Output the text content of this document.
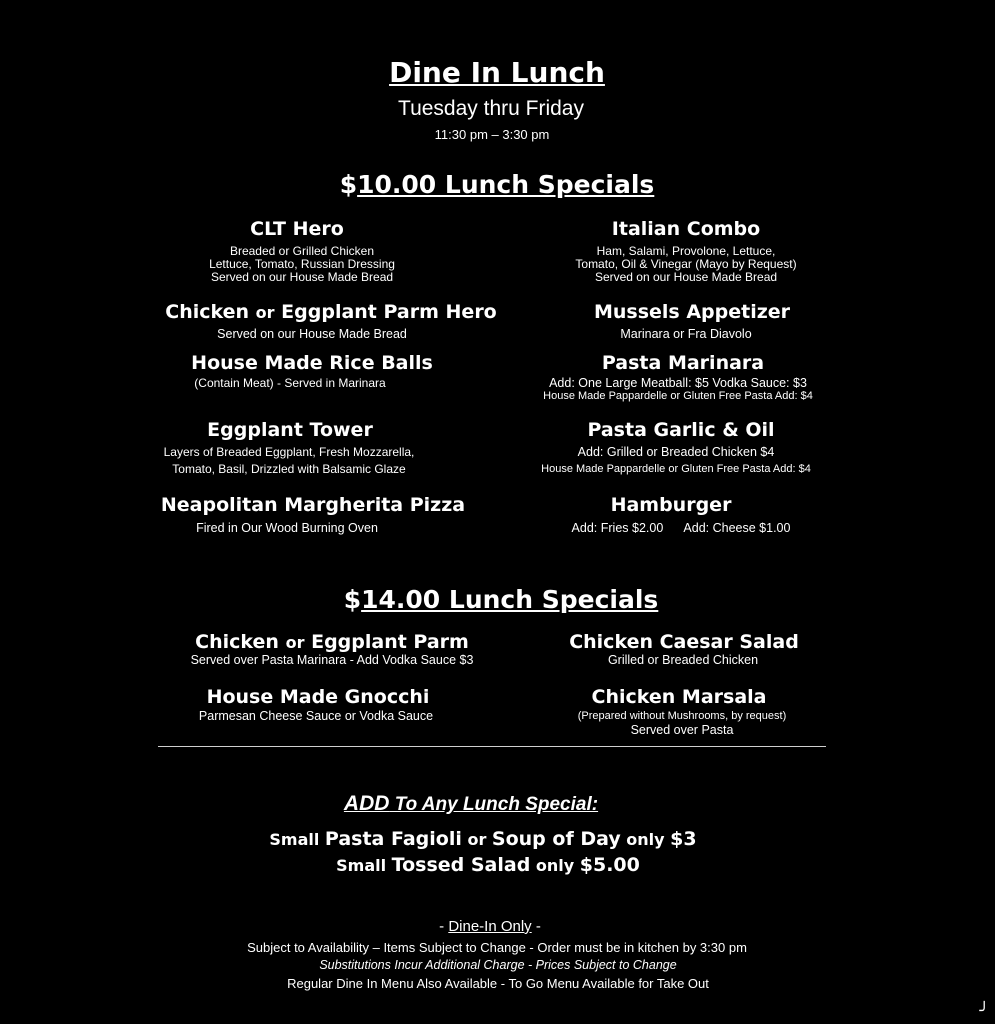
Dine In Lunch
Tuesday thru Friday
11:30 pm – 3:30 pm
$10.00 Lunch Specials
CLT Hero
Breaded or Grilled Chicken
Lettuce, Tomato, Russian Dressing
Served on our House Made Bread
Chicken or Eggplant Parm Hero
Served on our House Made Bread
House Made Rice Balls
(Contain Meat) - Served in Marinara
Eggplant Tower
Layers of Breaded Eggplant, Fresh Mozzarella,
Tomato, Basil, Drizzled with Balsamic Glaze
Neapolitan Margherita Pizza
Fired in Our Wood Burning Oven
Italian Combo
Ham, Salami, Provolone, Lettuce,
Tomato, Oil & Vinegar (Mayo by Request)
Served on our House Made Bread
Mussels Appetizer
Marinara or Fra Diavolo
Pasta Marinara
Add: One Large Meatball: $5 Vodka Sauce: $3
House Made Pappardelle or Gluten Free Pasta Add: $4
Pasta Garlic & Oil
Add: Grilled or Breaded Chicken $4
House Made Pappardelle or Gluten Free Pasta Add: $4
Hamburger
Add: Fries $2.00      Add: Cheese $1.00
$14.00 Lunch Specials
Chicken or Eggplant Parm
Served over Pasta Marinara - Add Vodka Sauce $3
House Made Gnocchi
Parmesan Cheese Sauce or Vodka Sauce
Chicken Caesar Salad
Grilled or Breaded Chicken
Chicken Marsala
(Prepared without Mushrooms, by request)
Served over Pasta
ADD To Any Lunch Special:
Small Pasta Fagioli or Soup of Day only $3
Small Tossed Salad only $5.00
- Dine-In Only -
Subject to Availability – Items Subject to Change - Order must be in kitchen by 3:30 pm
Substitutions Incur Additional Charge - Prices Subject to Change
Regular Dine In Menu Also Available - To Go Menu Available for Take Out
╯
